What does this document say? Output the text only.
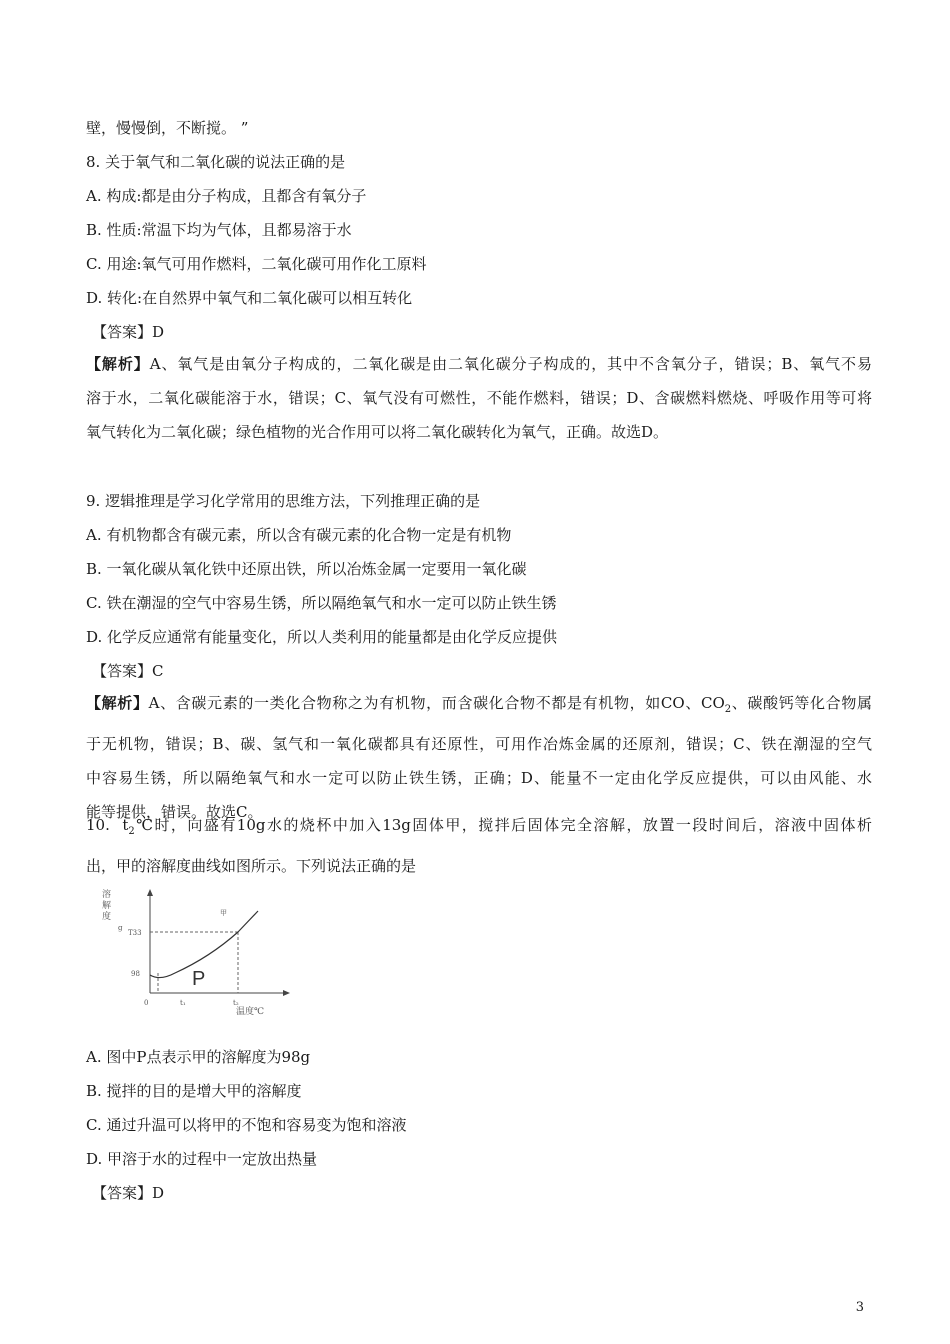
壁，慢慢倒，不断搅。 ”
8. 关于氧气和二氧化碳的说法正确的是
A. 构成:都是由分子构成，且都含有氧分子
B. 性质:常温下均为气体，且都易溶于水
C. 用途:氧气可用作燃料，二氧化碳可用作化工原料
D. 转化:在自然界中氧气和二氧化碳可以相互转化
【答案】D
【解析】A、氧气是由氧分子构成的，二氧化碳是由二氧化碳分子构成的，其中不含氧分子，错误；B、氧气不易
溶于水，二氧化碳能溶于水，错误；C、氧气没有可燃性，不能作燃料，错误；D、含碳燃料燃烧、呼吸作用等可将
氧气转化为二氧化碳；绿色植物的光合作用可以将二氧化碳转化为氧气，正确。故选D。
9. 逻辑推理是学习化学常用的思维方法，下列推理正确的是
A. 有机物都含有碳元素，所以含有碳元素的化合物一定是有机物
B. 一氧化碳从氧化铁中还原出铁，所以冶炼金属一定要用一氧化碳
C. 铁在潮湿的空气中容易生锈，所以隔绝氧气和水一定可以防止铁生锈
D. 化学反应通常有能量变化，所以人类利用的能量都是由化学反应提供
【答案】C
【解析】A、含碳元素的一类化合物称之为有机物，而含碳化合物不都是有机物，如CO、$CO_2$、碳酸钙等化合物属
于无机物，错误；B、碳、氢气和一氧化碳都具有还原性，可用作冶炼金属的还原剂，错误；C、铁在潮湿的空气
中容易生锈，所以隔绝氧气和水一定可以防止铁生锈，正确；D、能量不一定由化学反应提供，可以由风能、水
能等提供，错误。故选C。
10. $t_2℃$时，向盛有10g水的烧杯中加入13g固体甲，搅拌后固体完全溶解，放置一段时间后，溶液中固体析
出，甲的溶解度曲线如图所示。下列说法正确的是
溶
解
度
g
T33
98
甲
P
0	t₁	t₂
温度℃
A. 图中P点表示甲的溶解度为98g
B. 搅拌的目的是增大甲的溶解度
C. 通过升温可以将甲的不饱和容易变为饱和溶液
D. 甲溶于水的过程中一定放出热量
【答案】D
3
